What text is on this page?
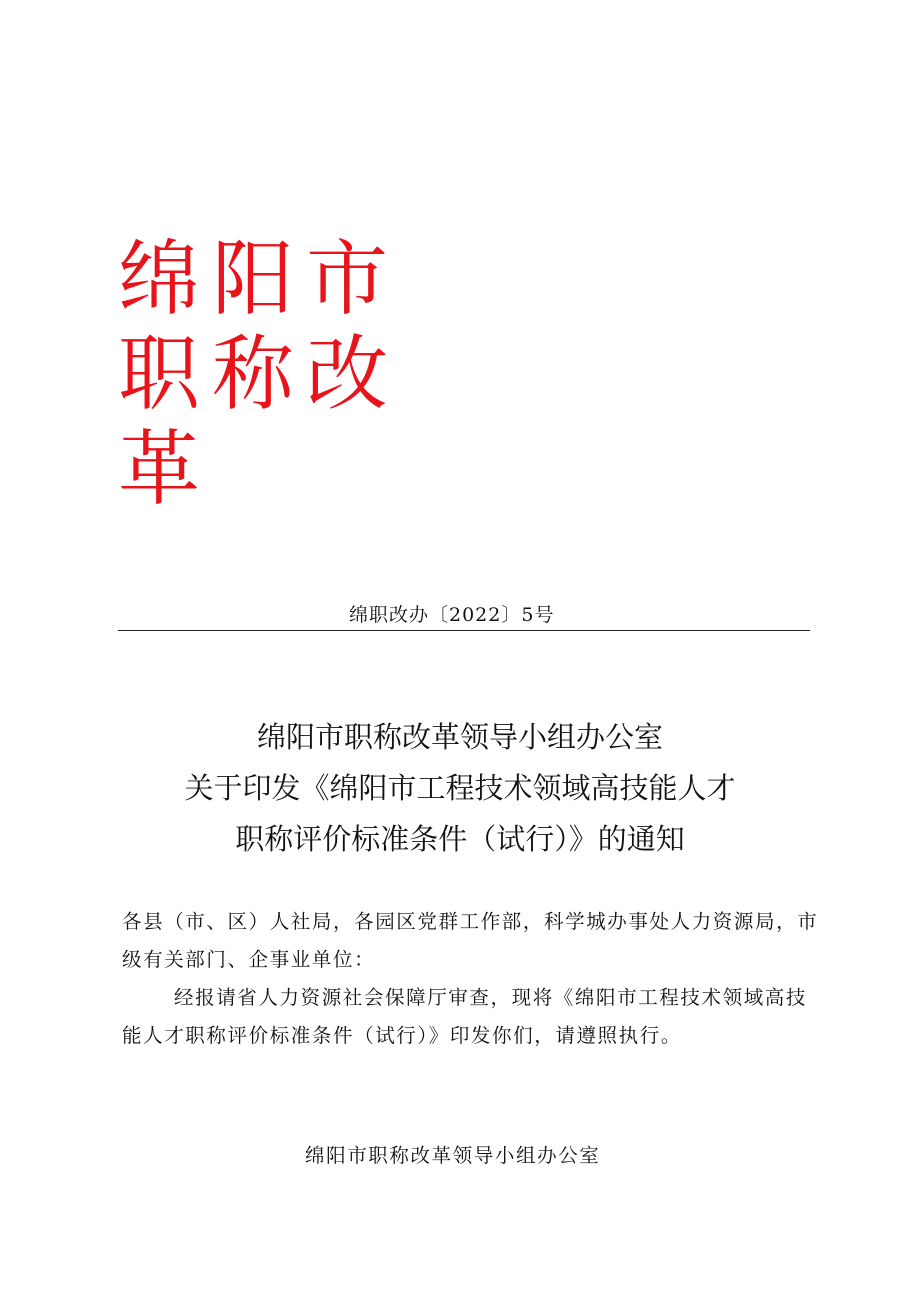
绵阳市
职称改
革
绵职改办〔2022〕5号
绵阳市职称改革领导小组办公室
关于印发《绵阳市工程技术领域高技能人才
职称评价标准条件（试行）》的通知

各县（市、区）人社局，各园区党群工作部，科学城办事处人力资源局，市级有关部门、企事业单位：

经报请省人力资源社会保障厅审查，现将《绵阳市工程技术领域高技能人才职称评价标准条件（试行）》印发你们，请遵照执行。

绵阳市职称改革领导小组办公室
